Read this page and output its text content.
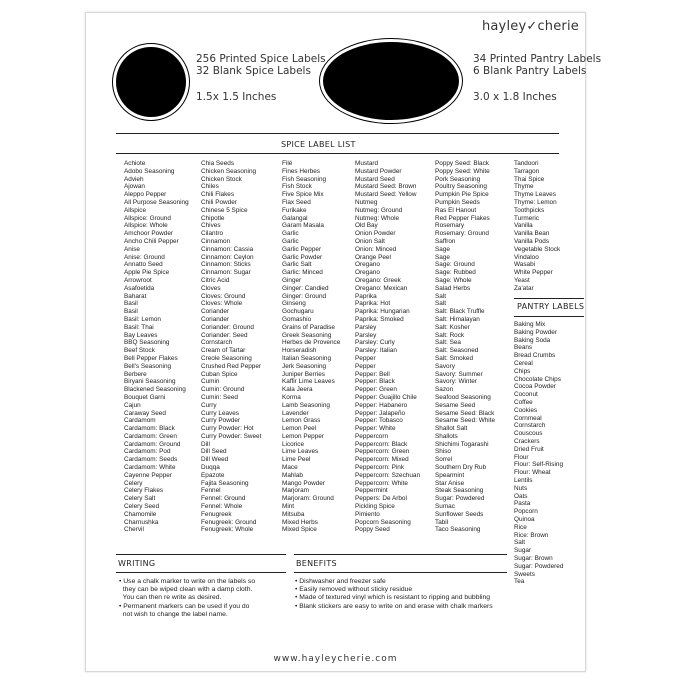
hayley✓cherie
256 Printed Spice Labels
32 Blank Spice Labels
1.5x 1.5 Inches
34 Printed Pantry Labels
6 Blank Pantry Labels
3.0 x 1.8 Inches
SPICE LABEL LIST
Achiote
Adobo Seasoning
Advieh
Ajowan
Aleppo Pepper
All Purpose Seasoning
Allspice
Allspice: Ground
Allspice: Whole
Amchoor Powder
Ancho Chili Pepper
Anise
Anise: Ground
Annatto Seed
Apple Pie Spice
Arrowroot
Asafoetida
Baharat
Basil
Basil
Basil: Lemon
Basil: Thai
Bay Leaves
BBQ Seasoning
Beef Stock
Bell Pepper Flakes
Bell's Seasoning
Berbere
Biryani Seasoning
Blackened Seasoning
Bouquet Garni
Cajun
Caraway Seed
Cardamom
Cardamom: Black
Cardamom: Green
Cardamom: Ground
Cardamom: Pod
Cardamom: Seeds
Cardamom: White
Cayenne Pepper
Celery
Celery Flakes
Celery Salt
Celery Seed
Chamomile
Charnushka
Chervil
Chia Seeds
Chicken Seasoning
Chicken Stock
Chiles
Chili Flakes
Chili Powder
Chinese 5 Spice
Chipotle
Chives
Cilantro
Cinnamon
Cinnamon: Cassia
Cinnamon: Ceylon
Cinnamon: Sticks
Cinnamon: Sugar
Citric Acid
Cloves
Cloves: Ground
Cloves: Whole
Coriander
Coriander
Coriander: Ground
Coriander: Seed
Cornstarch
Cream of Tartar
Creole Seasoning
Crushed Red Pepper
Cuban Spice
Cumin
Cumin: Ground
Cumin: Seed
Curry
Curry Leaves
Curry Powder
Curry Powder: Hot
Curry Powder: Sweet
Dill
Dill Seed
Dill Weed
Duqqa
Epazote
Fajita Seasoning
Fennel
Fennel: Ground
Fennel: Whole
Fenugreek
Fenugreek: Ground
Fenugreek: Whole
Filé
Fines Herbes
Fish Seasoning
Fish Stock
Five Spice Mix
Flax Seed
Furikake
Galangal
Garam Masala
Garlic
Garlic
Garlic Pepper
Garlic Powder
Garlic Salt
Garlic: Minced
Ginger
Ginger: Candied
Ginger: Ground
Ginseng
Gochugaru
Gomashio
Grains of Paradise
Greek Seasoning
Herbes de Provence
Horseradish
Italian Seasoning
Jerk Seasoning
Juniper Berries
Kaffir Lime Leaves
Kala Jeera
Korma
Lamb Seasoning
Lavender
Lemon Grass
Lemon Peel
Lemon Pepper
Licorice
Lime Leaves
Lime Peel
Mace
Mahlab
Mango Powder
Marjoram
Marjoram: Ground
Mint
Mitsuba
Mixed Herbs
Mixed Spice
Mustard
Mustard Powder
Mustard Seed
Mustard Seed: Brown
Mustard Seed: Yellow
Nutmeg
Nutmeg: Ground
Nutmeg: Whole
Old Bay
Onion Powder
Onion Salt
Onion: Minced
Orange Peel
Oregano
Oregano
Oregano: Greek
Oregano: Mexican
Paprika
Paprika: Hot
Paprika: Hungarian
Paprika: Smoked
Parsley
Parsley
Parsley: Curly
Parsley: Italian
Pepper
Pepper
Pepper: Bell
Pepper: Black
Pepper: Green
Pepper: Guajillo Chile
Pepper: Habanero
Pepper: Jalapeño
Pepper: Tobasco
Pepper: White
Peppercorn
Peppercorn: Black
Peppercorn: Green
Peppercorn: Mixed
Peppercorn: Pink
Peppercorn: Szechuan
Peppercorn: White
Peppermint
Peppers: De Arbol
Pickling Spice
Pimiento
Popcorn Seasoning
Poppy Seed
Poppy Seed: Black
Poppy Seed: White
Pork Seasoning
Poultry Seasoning
Pumpkin Pie Spice
Pumpkin Seeds
Ras El Hanout
Red Pepper Flakes
Rosemary
Rosemary: Ground
Saffron
Sage
Sage
Sage: Ground
Sage: Rubbed
Sage: Whole
Salad Herbs
Salt
Salt
Salt: Black Truffle
Salt: Himalayan
Salt: Kosher
Salt: Rock
Salt: Sea
Salt: Seasoned
Salt: Smoked
Savory
Savory: Summer
Savory: Winter
Sazon
Seafood Seasoning
Sesame Seed
Sesame Seed: Black
Sesame Seed: White
Shallot Salt
Shallots
Shichimi Togarashi
Shiso
Sorrel
Southern Dry Rub
Spearmint
Star Anise
Steak Seasoning
Sugar: Powdered
Sumac
Sunflower Seeds
Tabil
Taco Seasoning
Tandoori
Tarragon
Thai Spice
Thyme
Thyme Leaves
Thyme: Lemon
Toothpicks
Turmeric
Vanilla
Vanilla Bean
Vanilla Pods
Vegetable Stock
Vindaloo
Wasabi
White Pepper
Yeast
Za'atar
PANTRY LABELS
Baking Mix
Baking Powder
Baking Soda
Beans
Bread Crumbs
Cereal
Chips
Chocolate Chips
Cocoa Powder
Coconut
Coffee
Cookies
Cornmeal
Cornstarch
Couscous
Crackers
Dried Fruit
Flour
Flour: Self-Rising
Flour: Wheat
Lentils
Nuts
Oats
Pasta
Popcorn
Quinoa
Rice
Rice: Brown
Salt
Sugar
Sugar: Brown
Sugar: Powdered
Sweets
Tea
WRITING
• Use a chalk marker to write on the labels so
they can be wiped clean with a damp cloth.
You can then re write as desired.
• Permanent markers can be used if you do
not wish to change the label name.
BENEFITS
• Dishwasher and freezer safe
• Easily removed without sticky residue
• Made of textured vinyl which is resistant to ripping and bubbling
• Blank stickers are easy to write on and erase with chalk markers
www.hayleycherie.com
